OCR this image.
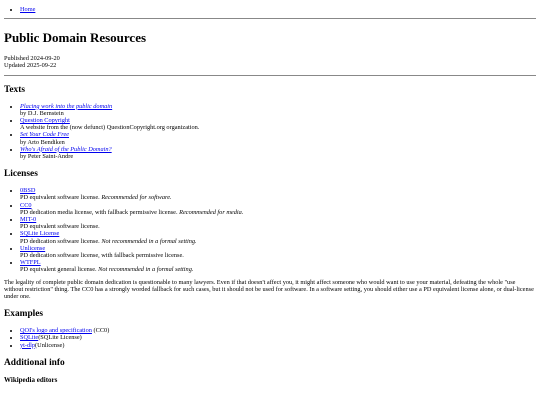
• Home
Public Domain Resources
Published 2024-09-20
Updated 2025-09-22
Texts
• Placing work into the public domain
by D.J. Bernstein
• Question Copyright
A website from the (now defunct) QuestionCopyright.org organization.
• Set Your Code Free
by Arto Bendiken
• Who's Afraid of the Public Domain?
by Peter Saint-Andre
Licenses
• 0BSD
PD equivalent software license. Recommended for software.
• CC0
PD dedication media license, with fallback permissive license. Recommended for media.
• MIT-0
PD equivalent software license.
• SQLite License
PD dedication software license. Not recommended in a formal setting.
• Unlicense
PD dedication software license, with fallback permissive license.
• WTFPL
PD equivalent general license. Not recommended in a formal setting.

The legality of complete public domain dedication is questionable to many lawyers. Even if that doesn't affect you, it might affect someone who would want to use your material, defeating the whole "use without restriction" thing. The CC0 has a strongly worded fallback for such cases, but it should not be used for software. In a software setting, you should either use a PD equivalent license alone, or dual-license under one.

Examples
• QOI's logo and specification (CC0)
• SQLite(SQLite License)
• yt-dlp(Unlicense)
Additional info
Wikipedia editors
